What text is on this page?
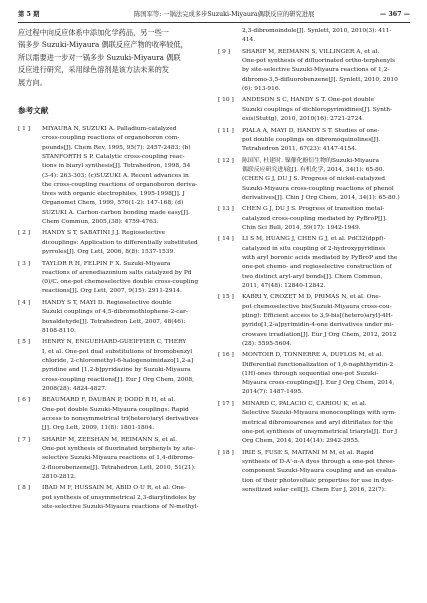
第 5 期	陈国军等: 一锅法完成多步Suzuki-Miyaura偶联反应的研究进展	— 367 —
应过程中向反应体系中添加化学药品，另一些一
锅多步 Suzuki-Miyaura 偶联反应产物的收率较低，
所以需要进一步对一锅多步 Suzuki-Miyaura 偶联
反应进行研究，采用绿色溶剂是该方法未来的发
展方向。
参考文献
[ 1 ] MIYAURA N, SUZUKI A. Palladium-catalyzed
cross-coupling reactions of organoboron com-
pounds[J]. Chem Rev, 1995, 95(7): 2457-2483; (b)
STANFORTH S P. Catalytic cross-coupling reac-
tions in biaryl synthesis[J]. Tetrahedron, 1998, 54
(3-4): 263-303; (c)SUZUKI A. Recent advances in
the cross-coupling reactions of organoboron deriva-
tives with organic electrophiles, 1995-1998[J]. J
Organomet Chem, 1999, 576(1-2): 147-168; (d)
SUZUKI A. Carbon-carbon bonding made easy[J].
Chem Commun, 2005,(38): 4759-4763.
[ 2 ] HANDY S T, SABATINI J J. Regioselective
dicouplings: Application to differentially substituted
pyrroles[J]. Org Lett, 2006, 8(8): 1537-1539.
[ 3 ] TAYLOR R H, FELPIN F X. Suzuki-Miyaura
reactions of arenediazonium salts catalyzed by Pd
(0)/C. one-pot chemoselective double cross-coupling
reactions[J]. Org Lett, 2007, 9(15): 2911-2914.
[ 4 ] HANDY S T, MAYI D. Regioselective double
Suzuki couplings of 4,5-dibromothiophene-2-car-
boxaldehyde[J]. Tetrahedron Lett, 2007, 48(46):
8108-8110.
[ 5 ] HENRY N, ENGUEHARD-GUEIFFIER C, THERY
I, et al. One-pot dual substitutions of bromobenzyl
chloride, 2-chloromethyl-6-halogenoimidazo[1,2-a]
pyridine and [1,2-b]pyridazine by Suzuki-Miyaura
cross-coupling reactions[J]. Eur J Org Chem, 2008,
2008(28): 4824-4827.
[ 6 ] BEAUMARD F, DAUBAN P, DODD R H, et al.
One-pot double Suzuki-Miyaura couplings: Rapid
access to nonsymmetrical tri(hetero)aryl derivatives
[J]. Org Lett, 2009, 11(8): 1801-1804.
[ 7 ] SHARIF M, ZEESHAN M, REIMANN S, et al.
One-pot synthesis of fluorinated terphenyls by site-
selective Suzuki-Miyaura reactions of 1,4-dibromo-
2-fluorobenzene[J]. Tetrahedron Lett, 2010, 51(21):
2810-2812.
[ 8 ] IBAD M F, HUSSAIN M, ABID O U R, et al. One-
pot synthesis of unsymmetrical 2,3-diarylindoles by
site-selective Suzuki-Miyaura reactions of N-methyl-
2,3-dibromoindole[J]. Synlett, 2010, 2010(3): 411-
414.
[ 9 ] SHARIF M, REIMANN S, VILLINGER A, et al.
One-pot synthesis of difluorinated ortho-terphenyls
by site-selective Suzuki-Miyaura reactions of 1,2-
dibromo-3,5-difluorobenzene[J]. Synlett, 2010, 2010
(6): 913-916.
[ 10 ] ANDESON S C, HANDY S T. One-pot double
Suzuki couplings of dichloropyrimidines[J]. Synth-
esis(Stuttg), 2010, 2010(16): 2721-2724.
[ 11 ] PIALA A, MAYI D, HANDY S T. Studies of one-
pot double couplings on dibromoquinolines[J].
Tetrahedron 2011, 67(23): 4147-4154.
[ 12 ] 陈国军, 杜建时. 镍催化酚衍生物的Suzuki-Miyaura
偶联反应研究进展[J]. 有机化学, 2014, 34(1): 65-80.
(CHEN G J, DU J S. Progress of nickel-catalyzed
Suzuki-Miyaura cross-coupling reactions of phenol
derivatives[J]. Chin J Org Chem, 2014, 34(1): 65-80.)
[ 13 ] CHEN G J, DU J S. Progress of transition metal-
catalyzed cross-coupling mediated by PyBroP[J].
Chin Sci Bull, 2014, 59(17): 1942-1949.
[ 14 ] LI S M, HUANG J, CHEN G J, et al. PdCl2(dppf)-
catalyzed in situ coupling of 2-hydroxypyridines
with aryl boronic acids mediated by PyBroP and the
one-pot chemo- and regioselective construction of
two distinct aryl-aryl bonds[J]. Chem Commun,
2011, 47(48): 12840-12842.
[ 15 ] KABRI Y, CROZET M D, PRIMAS N, et al. One-
pot chemoselective bis(Suzuki-Miyaura cross-cou-
pling): Efficient access to 3,9-bis[(hetero)aryl]-4H-
pyrido[1,2-a]pyrimidin-4-one derivatives under mi-
crowave irradiation[J]. Eur J Org Chem, 2012, 2012
(28): 5595-5604.
[ 16 ] MONTOIR D, TONNERRE A, DUFLOS M, et al.
Differential functionalization of 1,6-naphthyridin-2
(1H)-ones through sequential one-pot Suzuki-
Miyaura cross-couplings[J]. Eur J Org Chem, 2014,
2014(7): 1487-1495.
[ 17 ] MINARD C, PALACIO C, CARIOU K, et al.
Selective Suzuki-Miyaura monocouplings with sym-
metrical dibromoarenes and aryl ditriflates for the
one-pot synthesis of unsymmetrical triaryls[J]. Eur J
Org Chem, 2014, 2014(14): 2942-2955.
[ 18 ] IRIE S, FUSE S, MAITANI M M, et al. Rapid
synthesis of D-A'-π-A dyes through a one-pot three-
component Suzuki-Miyaura coupling and an evalua-
tion of their photovoltaic properties for use in dye-
sensitized solar cell[J]. Chem Eur J, 2016, 22(7):
